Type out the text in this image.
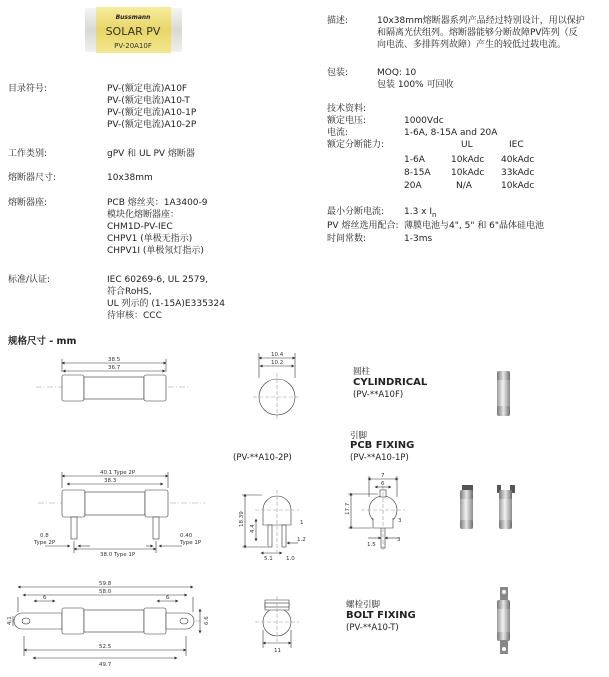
Bussmann
SOLAR PV
PV-20A10F
目录符号:	PV-(额定电流)A10F
PV-(额定电流)A10-T
PV-(额定电流)A10-1P
PV-(额定电流)A10-2P
工作类别:	gPV 和 UL PV 熔断器
熔断器尺寸:	10x38mm
熔断器座:	PCB 熔丝夹：1A3400-9
模块化熔断器座：
CHM1D-PV-IEC
CHPV1 (单极无指示)
CHPV1I (单极氖灯指示)
标准/认证:	IEC 60269-6, UL 2579,
符合RoHS,
UL 列示的 (1-15A)E335324
待审核：CCC
描述:	10x38mm熔断器系列产品经过特别设计，用以保护
和隔离光伏组列。熔断器能够分断故障PV阵列（反
向电流、多排阵列故障）产生的较低过载电流。
包装:	MOQ: 10
包装 100% 可回收
技术资料:
额定电压:	1000Vdc
电流:	1-6A, 8-15A and 20A
额定分断能力:	UL	IEC
1-6A	10kAdc 40kAdc
8-15A 10kAdc 33kAdc
20A	N/A	10kAdc
最小分断电流: 1.3 x $I_n$
PV 熔丝选用配合: 薄膜电池与4", 5" 和 6"晶体硅电池
时间常数:	1-3ms
规格尺寸 - mm
38.5
36.7
10.4
10.2
40.1 Type 2P
38.3
0.8
Type 2P
0.40
Type 1P
38.0 Type 1P
18.39
4.4
5.1 1.0
1.2
1
7
6
17.7
1.5
3
3
59.8
58.0
6	6
4.1	6.6
52.5
49.7
11
圆柱
CYLINDRICAL
(PV-**A10F)
引脚
PCB FIXING
(PV-**A10-1P)
(PV-**A10-2P)
螺栓引脚
BOLT FIXING
(PV-**A10-T)
